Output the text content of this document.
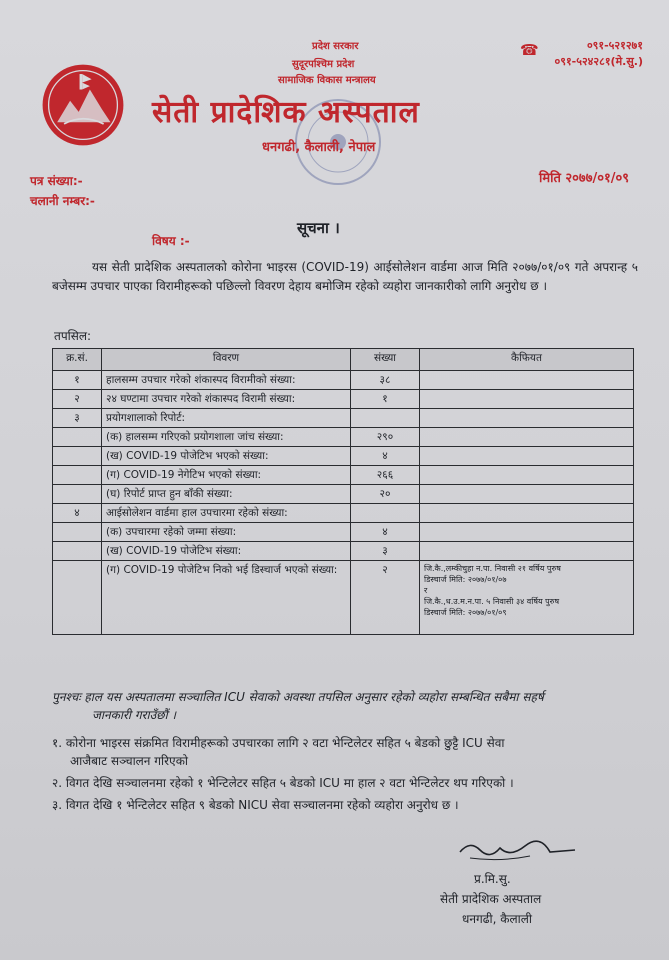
प्रदेश सरकार
सुदूरपश्चिम प्रदेश
सामाजिक विकास मन्त्रालय
सेती प्रादेशिक अस्पताल
धनगढी, कैलाली, नेपाल
☎	०९१-५२१२७१
०९१-५२४२८१(मे.सु.)
पत्र संख्या:-
चलानी नम्बर:-
मिति २०७७/०१/०९
सूचना ।
विषय :-
यस सेती प्रादेशिक अस्पतालको कोरोना भाइरस (COVID-19) आईसोलेशन वार्डमा आज मिति २०७७/०१/०९ गते अपरान्ह ५ बजेसम्म उपचार पाएका विरामीहरूको पछिल्लो विवरण देहाय बमोजिम रहेको व्यहोरा जानकारीको लागि अनुरोध छ ।
तपसिल:
क्र.सं.	विवरण	संख्या	कैफियत
१	हालसम्म उपचार गरेको शंकास्पद विरामीको संख्या:	३८	
२	२४ घण्टामा उपचार गरेको शंकास्पद विरामी संख्या:	१	
३	प्रयोगशालाको रिपोर्ट:		
	(क) हालसम्म गरिएको प्रयोगशाला जांच संख्या:	२९०	
	(ख) COVID-19 पोजेटिभ भएको संख्या:	४	
	(ग) COVID-19 नेगेटिभ भएको संख्या:	२६६	
	(घ) रिपोर्ट प्राप्त हुन बाँकी संख्या:	२०	
४	आईसोलेशन वार्डमा हाल उपचारमा रहेको संख्या:		
	(क) उपचारमा रहेको जम्मा संख्या:	४	
	(ख) COVID-19 पोजेटिभ संख्या:	३	
	(ग) COVID-19 पोजेटिभ निको भई डिस्चार्ज भएको संख्या:	२	जि.कै.,लम्कीचुहा न.पा. निवासी २१ वर्षिय पुरुष
डिस्चार्ज मिति: २०७७/०१/०७
र
जि.कै.,ध.उ.म.न.पा. ५ निवासी ३४ वर्षिय पुरुष
डिस्चार्ज मिति: २०७७/०१/०९
पुनश्चः हाल यस अस्पतालमा सञ्चालित ICU सेवाको अवस्था तपसिल अनुसार रहेको व्यहोरा सम्बन्धित सबैमा सहर्ष
जानकारी गराउँछौं ।
१. कोरोना भाइरस संक्रमित विरामीहरूको उपचारका लागि २ वटा भेन्टिलेटर सहित ५ बेडको छुट्टै ICU सेवा
आजैबाट सञ्चालन गरिएको
२. विगत देखि सञ्चालनमा रहेको १ भेन्टिलेटर सहित ५ बेडको ICU मा हाल २ वटा भेन्टिलेटर थप गरिएको ।
३. विगत देखि १ भेन्टिलेटर सहित ९ बेडको NICU सेवा सञ्चालनमा रहेको व्यहोरा अनुरोध छ ।
प्र.मि.सु.
सेती प्रादेशिक अस्पताल
धनगढी, कैलाली
